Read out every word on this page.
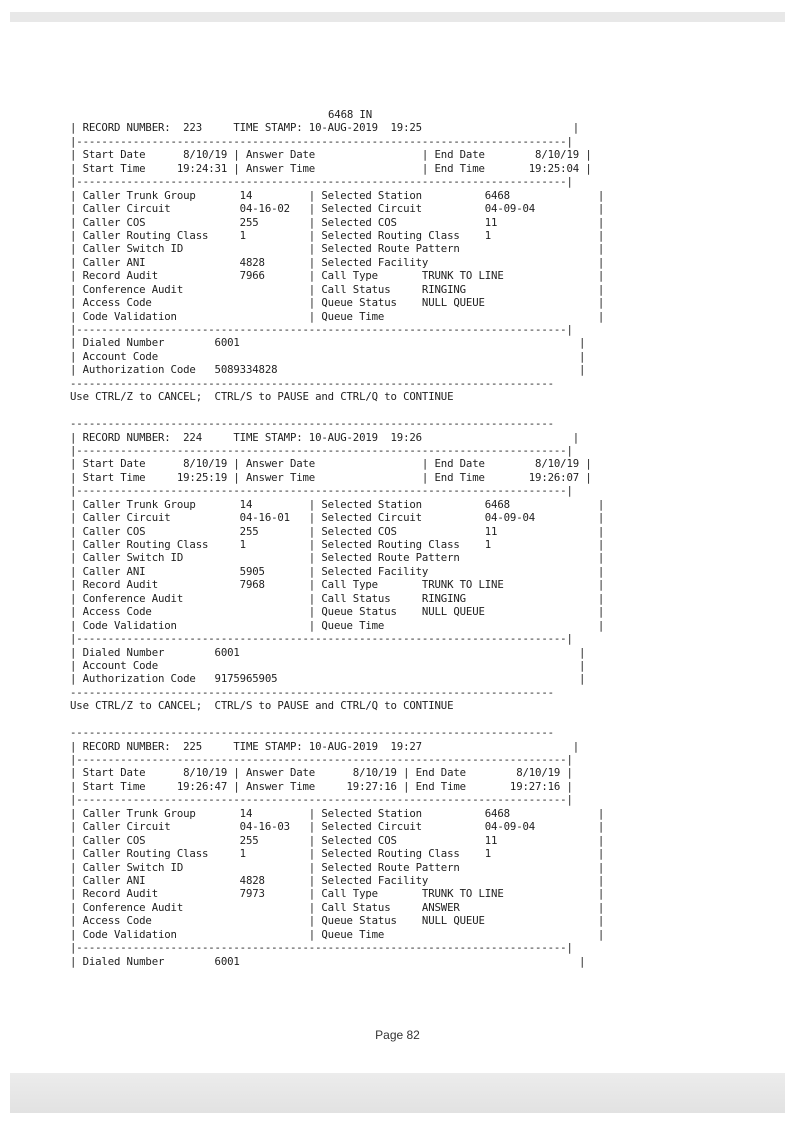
6468 IN
| RECORD NUMBER:  223     TIME STAMP: 10-AUG-2019  19:25                        |
|------------------------------------------------------------------------------|
| Start Date      8/10/19 | Answer Date                 | End Date        8/10/19 |
| Start Time     19:24:31 | Answer Time                 | End Time       19:25:04 |
|------------------------------------------------------------------------------|
| Caller Trunk Group       14         | Selected Station          6468              |
| Caller Circuit           04-16-02   | Selected Circuit          04-09-04          |
| Caller COS               255        | Selected COS              11                |
| Caller Routing Class     1          | Selected Routing Class    1                 |
| Caller Switch ID                    | Selected Route Pattern                      |
| Caller ANI               4828       | Selected Facility                           |
| Record Audit             7966       | Call Type       TRUNK TO LINE               |
| Conference Audit                    | Call Status     RINGING                     |
| Access Code                         | Queue Status    NULL QUEUE                  |
| Code Validation                     | Queue Time                                  |
|------------------------------------------------------------------------------|
| Dialed Number        6001                                                      |
| Account Code                                                                   |
| Authorization Code   5089334828                                                |
-----------------------------------------------------------------------------
Use CTRL/Z to CANCEL;  CTRL/S to PAUSE and CTRL/Q to CONTINUE
-----------------------------------------------------------------------------
| RECORD NUMBER:  224     TIME STAMP: 10-AUG-2019  19:26                        |
|------------------------------------------------------------------------------|
| Start Date      8/10/19 | Answer Date                 | End Date        8/10/19 |
| Start Time     19:25:19 | Answer Time                 | End Time       19:26:07 |
|------------------------------------------------------------------------------|
| Caller Trunk Group       14         | Selected Station          6468              |
| Caller Circuit           04-16-01   | Selected Circuit          04-09-04          |
| Caller COS               255        | Selected COS              11                |
| Caller Routing Class     1          | Selected Routing Class    1                 |
| Caller Switch ID                    | Selected Route Pattern                      |
| Caller ANI               5905       | Selected Facility                           |
| Record Audit             7968       | Call Type       TRUNK TO LINE               |
| Conference Audit                    | Call Status     RINGING                     |
| Access Code                         | Queue Status    NULL QUEUE                  |
| Code Validation                     | Queue Time                                  |
|------------------------------------------------------------------------------|
| Dialed Number        6001                                                      |
| Account Code                                                                   |
| Authorization Code   9175965905                                                |
-----------------------------------------------------------------------------
Use CTRL/Z to CANCEL;  CTRL/S to PAUSE and CTRL/Q to CONTINUE
-----------------------------------------------------------------------------
| RECORD NUMBER:  225     TIME STAMP: 10-AUG-2019  19:27                        |
|------------------------------------------------------------------------------|
| Start Date      8/10/19 | Answer Date      8/10/19 | End Date        8/10/19 |
| Start Time     19:26:47 | Answer Time     19:27:16 | End Time       19:27:16 |
|------------------------------------------------------------------------------|
| Caller Trunk Group       14         | Selected Station          6468              |
| Caller Circuit           04-16-03   | Selected Circuit          04-09-04          |
| Caller COS               255        | Selected COS              11                |
| Caller Routing Class     1          | Selected Routing Class    1                 |
| Caller Switch ID                    | Selected Route Pattern                      |
| Caller ANI               4828       | Selected Facility                           |
| Record Audit             7973       | Call Type       TRUNK TO LINE               |
| Conference Audit                    | Call Status     ANSWER                      |
| Access Code                         | Queue Status    NULL QUEUE                  |
| Code Validation                     | Queue Time                                  |
|------------------------------------------------------------------------------|
| Dialed Number        6001                                                      |
Page 82
